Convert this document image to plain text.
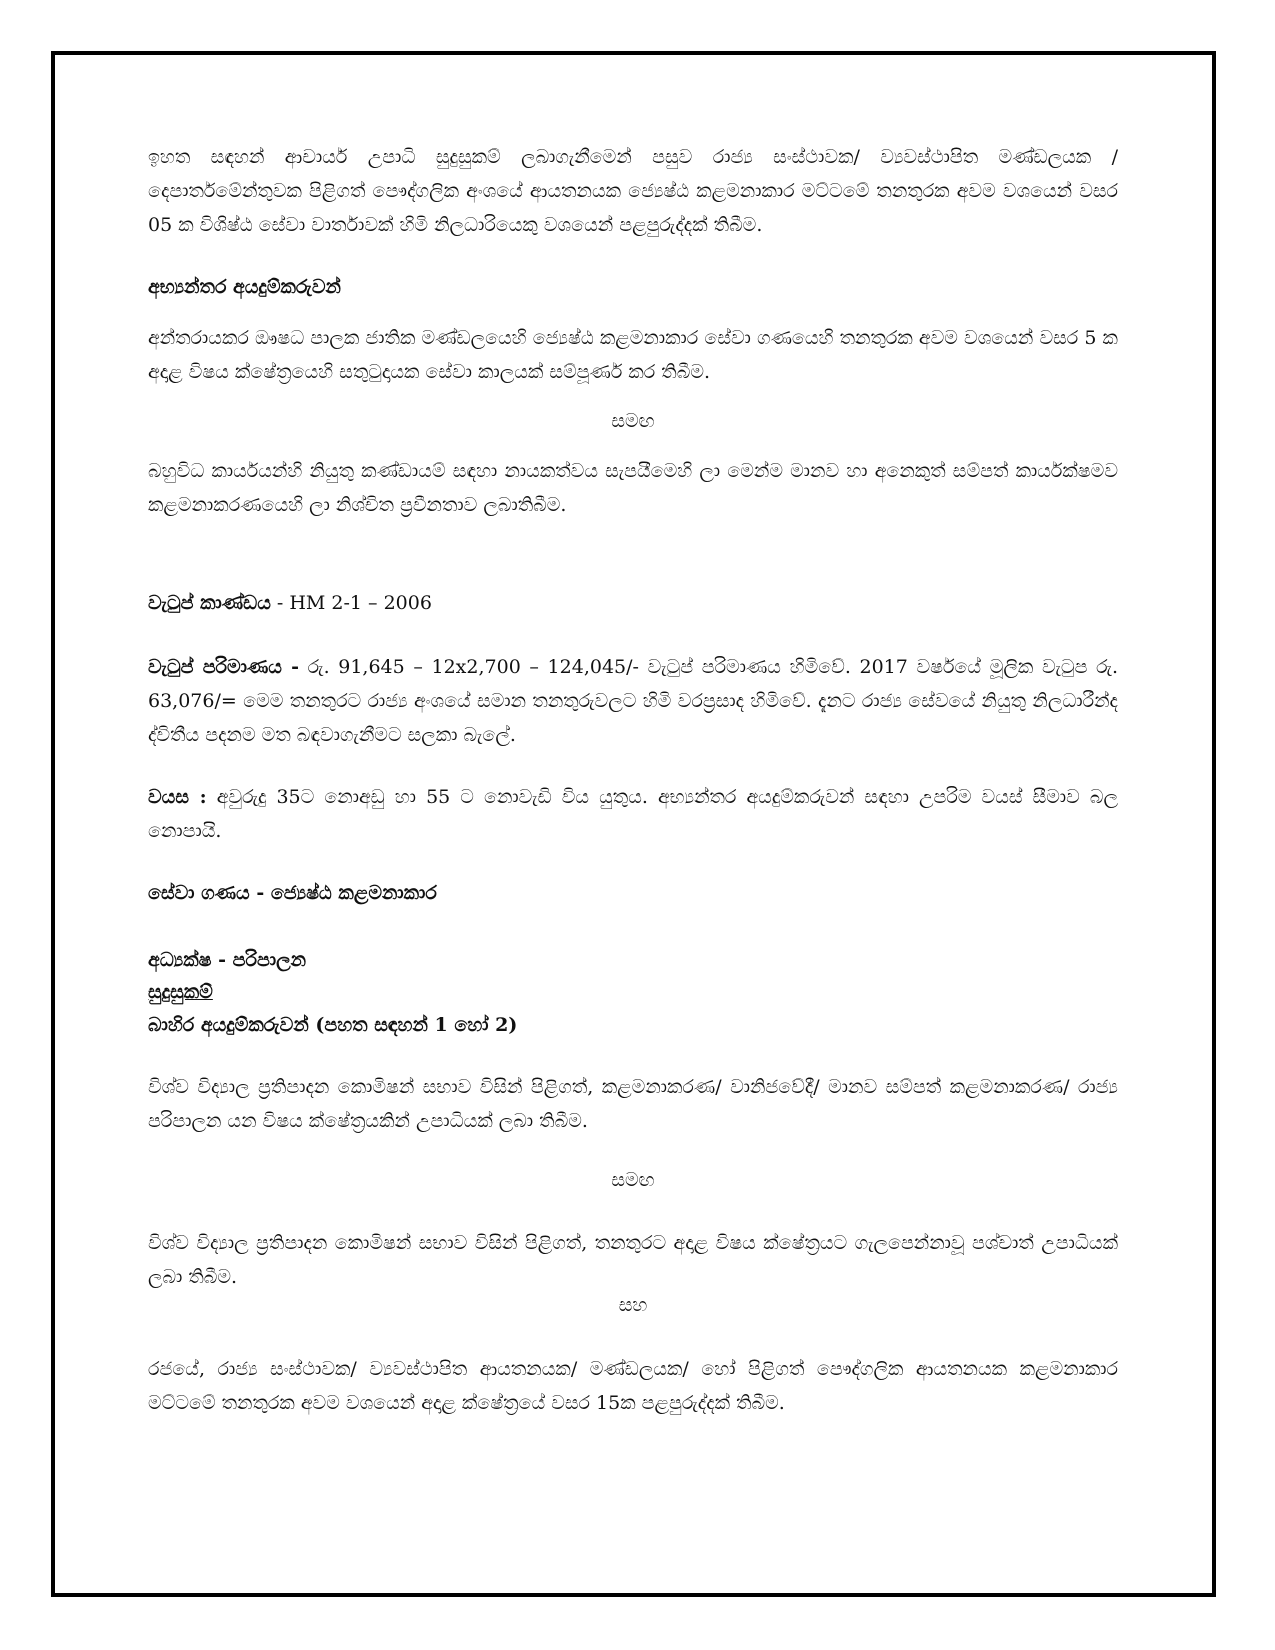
ඉහත සඳහන් ආචාර්ය උපාධි සුදුසුකම් ලබාගැනීමෙන් පසුව රාජ්‍ය සංස්ථාවක/ ව්‍යවස්ථාපිත මණ්ඩලයක / දෙපාර්තමේන්තුවක පිළිගත් පෞද්ගලික අංශයේ ආයතනයක ජ්‍යෙෂ්ඨ කළමනාකාර මට්ටමේ තනතුරක අවම වශයෙන් වසර 05 ක විශිෂ්ඨ සේවා වාර්තාවක් හිමි නිලධාරියෙකු වශයෙන් පළපුරුද්දක් තිබීම.

අභ්‍යන්තර අයදුම්කරුවන්

අන්තරායකර ඖෂධ පාලක ජාතික මණ්ඩලයෙහි ජ්‍යෙෂ්ඨ කළමනාකාර සේවා ගණයෙහි තනතුරක අවම වශයෙන් වසර 5 ක අදාළ විෂය ක්ෂේත්‍රයෙහි සතුටුදායක සේවා කාලයක් සම්පූර්ණ කර තිබීම.

සමඟ

බහුවිධ කාර්යයන්හි නියුතු කණ්ඩායම් සඳහා නායකත්වය සැපයීමෙහි ලා මෙන්ම මානව හා අනෙකුත් සම්පත් කාර්යක්ෂමව කළමනාකරණයෙහි ලා නිශ්චිත ප්‍රවීනතාව ලබාතිබීම.

වැටුප් කාණ්ඩය - HM 2-1 – 2006

වැටුප් පරිමාණය - රු. 91,645 – 12x2,700 – 124,045/- වැටුප් පරිමාණය හිමිවේ. 2017 වර්ෂයේ මූලික වැටුප රු. 63,076/= මෙම තනතුරට රාජ්‍ය අංශයේ සමාන තනතුරුවලට හිමි වරප්‍රසාද හිමිවේ. දැනට රාජ්‍ය සේවයේ නියුතු නිලධාරීන්ද ද්විතීය පදනම මත බඳවාගැනීමට සලකා බැලේ.

වයස : අවුරුදු 35ට නොඅඩු හා 55 ට නොවැඩි විය යුතුය. අභ්‍යන්තර අයදුම්කරුවන් සඳහා උපරිම වයස් සීමාව බල නොපායි.

සේවා ගණය - ජ්‍යෙෂ්ඨ කළමනාකාර

අධ්‍යක්ෂ - පරිපාලන

සුදුසුකම්

බාහිර අයදුම්කරුවන් (පහත සඳහන් 1 හෝ 2)

විශ්ව විද්‍යාල ප්‍රතිපාදන කොමිෂන් සභාව විසින් පිළිගත්, කළමනාකරණ/ වානිජවේදී/ මානව සම්පත් කළමනාකරණ/ රාජ්‍ය පරිපාලන යන විෂය ක්ෂේත්‍රයකින් උපාධියක් ලබා තිබීම.

සමඟ

විශ්ව විද්‍යාල ප්‍රතිපාදන කොමිෂන් සභාව විසින් පිළිගත්, තනතුරට අදාළ විෂය ක්ෂේත්‍රයට ගැලපෙන්නාවූ පශ්චාත් උපාධියක් ලබා තිබීම.

සහ

රජයේ, රාජ්‍ය සංස්ථාවක/ ව්‍යවස්ථාපිත ආයතනයක/ මණ්ඩලයක/ හෝ පිළිගත් පෞද්ගලික ආයතනයක කළමනාකාර මට්ටමේ තනතුරක අවම වශයෙන් අදාළ ක්ෂේත්‍රයේ වසර 15ක පළපුරුද්දක් තිබීම.
